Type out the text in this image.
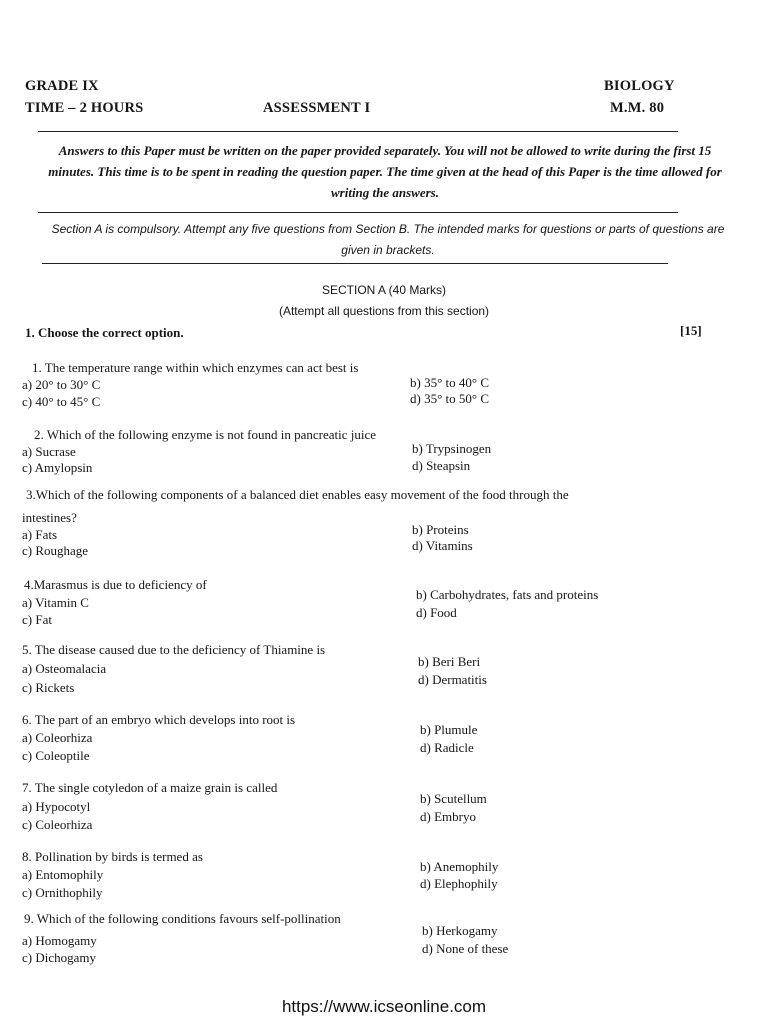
GRADE IX	BIOLOGY
TIME – 2 HOURS	ASSESSMENT I	M.M. 80
Answers to this Paper must be written on the paper provided separately. You will not be allowed to write during the first 15 minutes. This time is to be spent in reading the question paper. The time given at the head of this Paper is the time allowed for writing the answers.
Section A is compulsory. Attempt any five questions from Section B. The intended marks for questions or parts of questions are given in brackets.
SECTION A (40 Marks)
(Attempt all questions from this section)
1. Choose the correct option.	[15]
1. The temperature range within which enzymes can act best is
a) 20° to 30° C	b) 35° to 40° C
c) 40° to 45° C	d) 35° to 50° C
2. Which of the following enzyme is not found in pancreatic juice
a) Sucrase	b) Trypsinogen
c) Amylopsin	d) Steapsin
3.Which of the following components of a balanced diet enables easy movement of the food through the
intestines?
a) Fats	b) Proteins
c) Roughage	d) Vitamins
4.Marasmus is due to deficiency of
a) Vitamin C
b) Carbohydrates, fats and proteins
c) Fat	d) Food
5. The disease caused due to the deficiency of Thiamine is
a) Osteomalacia	b) Beri Beri
c) Rickets
d) Dermatitis
6. The part of an embryo which develops into root is
a) Coleorhiza
b) Plumule
c) Coleoptile
d) Radicle
7. The single cotyledon of a maize grain is called
a) Hypocotyl
b) Scutellum
c) Coleorhiza
d) Embryo
8. Pollination by birds is termed as
a) Entomophily
b) Anemophily
c) Ornithophily
d) Elephophily
9. Which of the following conditions favours self-pollination
a) Homogamy
b) Herkogamy
c) Dichogamy
d) None of these
https://www.icseonline.com
